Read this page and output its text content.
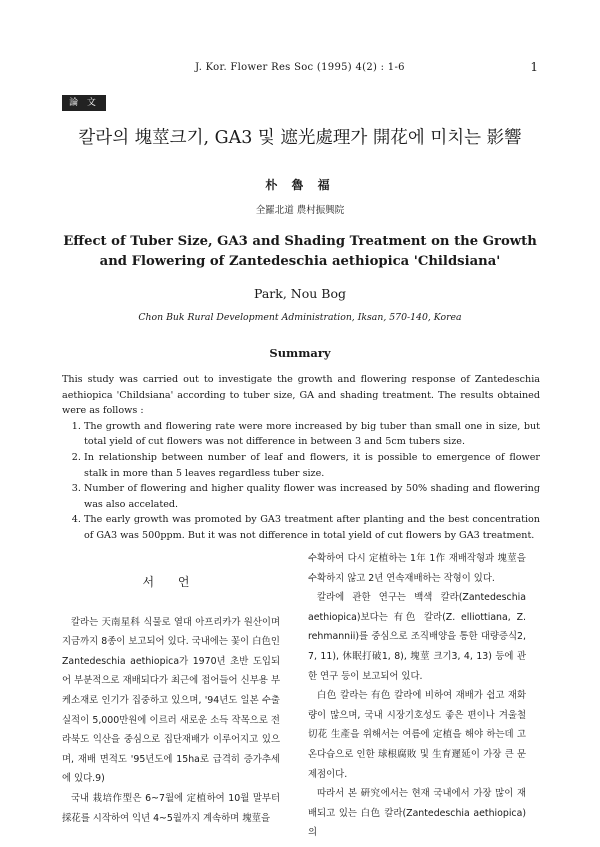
J. Kor. Flower Res Soc (1995) 4(2) : 1-6	1
論 文
칼라의 塊莖크기, GA3 및 遮光處理가 開花에 미치는 影響
朴 魯 福
全羅北道 農村振興院
Effect of Tuber Size, GA3 and Shading Treatment on the Growth
and Flowering of Zantedeschia aethiopica 'Childsiana'
Park, Nou Bog
Chon Buk Rural Development Administration, Iksan, 570-140, Korea
Summary

This study was carried out to investigate the growth and flowering response of Zantedeschia aethiopica 'Childsiana' according to tuber size, GA and shading treatment. The results obtained were as follows :

1. The growth and flowering rate were more increased by big tuber than small one in size, but total yield of cut flowers was not difference in between 3 and 5cm tubers size.
2. In relationship between number of leaf and flowers, it is possible to emergence of flower stalk in more than 5 leaves regardless tuber size.
3. Number of flowering and higher quality flower was increased by 50% shading and flowering was also accelated.
4. The early growth was promoted by GA3 treatment after planting and the best concentration of GA3 was 500ppm. But it was not difference in total yield of cut flowers by GA3 treatment.
서 언

칼라는 天南星科 식물로 열대 아프리카가 원산이며 지금까지 8종이 보고되어 있다. 국내에는 꽃이 白色인 Zantedeschia aethiopica가 1970년 초반 도입되어 부분적으로 재배되다가 최근에 접어들어 신부용 부케소재로 인기가 집중하고 있으며, '94년도 일본 수출 실적이 5,000만원에 이르러 새로운 소득 작목으로 전라북도 익산을 중심으로 집단재배가 이루어지고 있으며, 재배 면적도 '95년도에 15ha로 급격히 증가추세에 있다.9)

국내 栽培作型은 6~7월에 定植하여 10월 말부터 採花를 시작하여 익년 4~5월까지 계속하며 塊莖을

수확하여 다시 定植하는 1年 1作 재배작형과 塊莖을 수확하지 않고 2년 연속재배하는 작형이 있다.

칼라에 관한 연구는 백색 칼라(Zantedeschia aethiopica)보다는 有色 칼라(Z. elliottiana, Z. rehmannii)를 중심으로 조직배양을 통한 대량증식2, 7, 11), 休眠打破1, 8), 塊莖 크기3, 4, 13) 등에 관한 연구 등이 보고되어 있다.

白色 칼라는 有色 칼라에 비하여 재배가 쉽고 재화량이 많으며, 국내 시장기호성도 좋은 편이나 겨울철 切花 生產을 위해서는 여름에 定植을 해야 하는데 고온다습으로 인한 球根腐敗 및 生育遲延이 가장 큰 문제점이다.

따라서 본 硏究에서는 현재 국내에서 가장 많이 재배되고 있는 白色 칼라(Zantedeschia aethiopica)의
